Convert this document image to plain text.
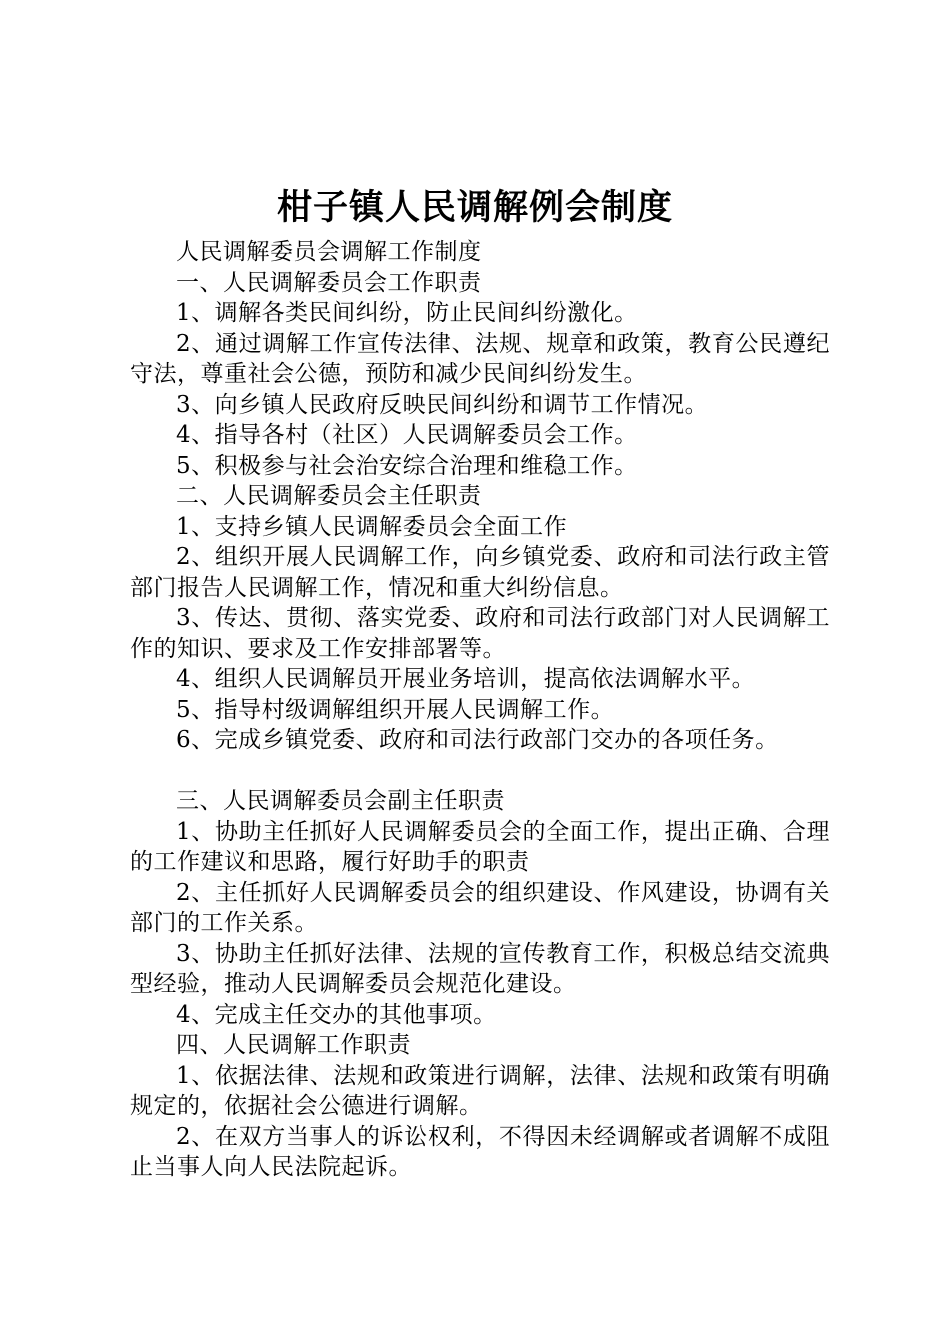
柑子镇人民调解例会制度

人民调解委员会调解工作制度

一、人民调解委员会工作职责

1、调解各类民间纠纷，防止民间纠纷激化。

2、通过调解工作宣传法律、法规、规章和政策，教育公民遵纪守法，尊重社会公德，预防和减少民间纠纷发生。

3、向乡镇人民政府反映民间纠纷和调节工作情况。

4、指导各村（社区）人民调解委员会工作。

5、积极参与社会治安综合治理和维稳工作。

二、人民调解委员会主任职责

1、支持乡镇人民调解委员会全面工作

2、组织开展人民调解工作，向乡镇党委、政府和司法行政主管部门报告人民调解工作，情况和重大纠纷信息。

3、传达、贯彻、落实党委、政府和司法行政部门对人民调解工作的知识、要求及工作安排部署等。

4、组织人民调解员开展业务培训，提高依法调解水平。

5、指导村级调解组织开展人民调解工作。

6、完成乡镇党委、政府和司法行政部门交办的各项任务。

三、人民调解委员会副主任职责

1、协助主任抓好人民调解委员会的全面工作，提出正确、合理的工作建议和思路，履行好助手的职责

2、主任抓好人民调解委员会的组织建设、作风建设，协调有关部门的工作关系。

3、协助主任抓好法律、法规的宣传教育工作，积极总结交流典型经验，推动人民调解委员会规范化建设。

4、完成主任交办的其他事项。

四、人民调解工作职责

1、依据法律、法规和政策进行调解，法律、法规和政策有明确规定的，依据社会公德进行调解。

2、在双方当事人的诉讼权利，不得因未经调解或者调解不成阻止当事人向人民法院起诉。
